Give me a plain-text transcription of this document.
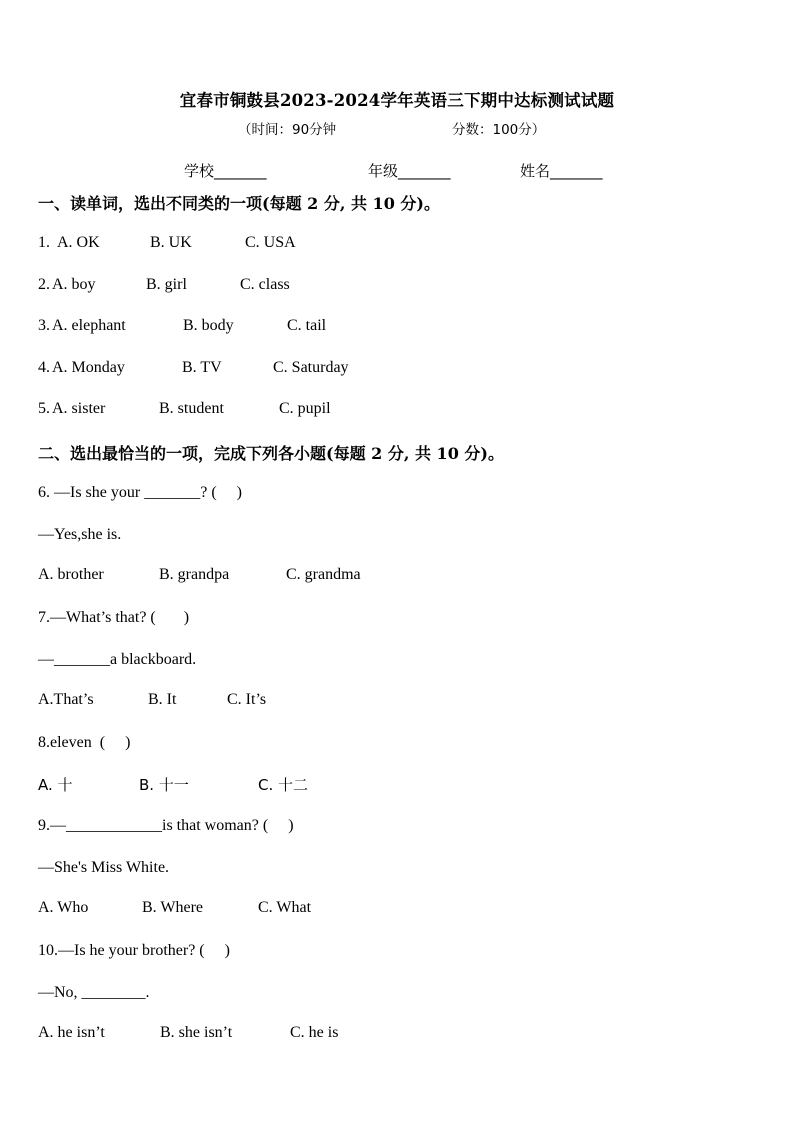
宜春市铜鼓县2023-2024学年英语三下期中达标测试试题
（时间：90分钟	分数：100分）
学校_______	年级_______	姓名_______
一、读单词，选出不同类的一项(每题 2 分, 共 10 分)。
1. A. OK	B. UK	C. USA
2. A. boy	B. girl	C. class
3. A. elephant	B. body	C. tail
4. A. Monday	B. TV	C. Saturday
5. A. sister	B. student	C. pupil
二、选出最恰当的一项，完成下列各小题(每题 2 分, 共 10 分)。
6. —Is she your _______? (     )
—Yes,she is.
A. brother	B. grandpa	C. grandma
7.—What’s that? (       )
—_______a blackboard.
A.That’s	B. It	C. It’s
8.eleven  (     )
A. 十	B. 十一	C. 十二
9.—____________is that woman? (     )
—She's Miss White.
A. Who	B. Where	C. What
10.—Is he your brother? (     )
—No, ________.
A. he isn’t	B. she isn’t	C. he is
